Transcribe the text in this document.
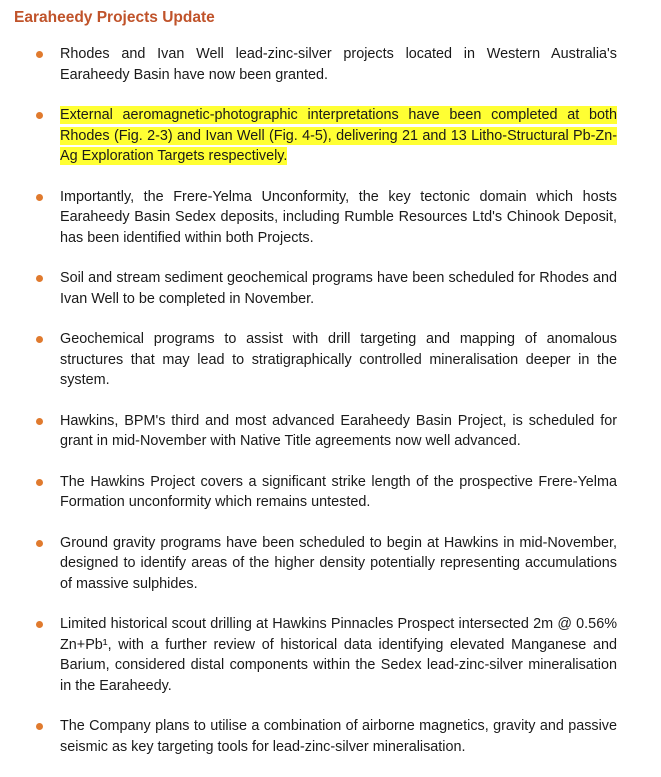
Earaheedy Projects Update
Rhodes and Ivan Well lead-zinc-silver projects located in Western Australia's Earaheedy Basin have now been granted.
External aeromagnetic-photographic interpretations have been completed at both Rhodes (Fig. 2-3) and Ivan Well (Fig. 4-5), delivering 21 and 13 Litho-Structural Pb-Zn-Ag Exploration Targets respectively.
Importantly, the Frere-Yelma Unconformity, the key tectonic domain which hosts Earaheedy Basin Sedex deposits, including Rumble Resources Ltd's Chinook Deposit, has been identified within both Projects.
Soil and stream sediment geochemical programs have been scheduled for Rhodes and Ivan Well to be completed in November.
Geochemical programs to assist with drill targeting and mapping of anomalous structures that may lead to stratigraphically controlled mineralisation deeper in the system.
Hawkins, BPM's third and most advanced Earaheedy Basin Project, is scheduled for grant in mid-November with Native Title agreements now well advanced.
The Hawkins Project covers a significant strike length of the prospective Frere-Yelma Formation unconformity which remains untested.
Ground gravity programs have been scheduled to begin at Hawkins in mid-November, designed to identify areas of the higher density potentially representing accumulations of massive sulphides.
Limited historical scout drilling at Hawkins Pinnacles Prospect intersected 2m @ 0.56% Zn+Pb¹, with a further review of historical data identifying elevated Manganese and Barium, considered distal components within the Sedex lead-zinc-silver mineralisation in the Earaheedy.
The Company plans to utilise a combination of airborne magnetics, gravity and passive seismic as key targeting tools for lead-zinc-silver mineralisation.
